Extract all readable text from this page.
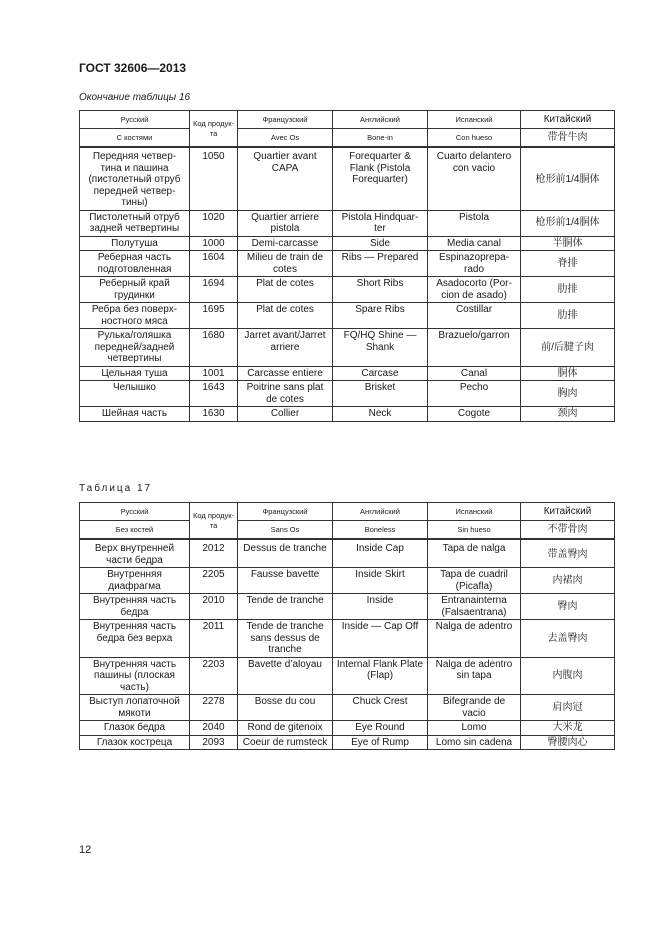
ГОСТ 32606—2013
Окончание таблицы 16
Русский	Код продук- та	Французский	Английский	Испанский	Китайский
С костями		Avec Os	Bone-in	Con hueso	带骨牛肉
Передняя четвер-тина и пашина (пистолетный отруб передней четвер-тины)	1050	Quartier avant CAPA	Forequarter & Flank (Pistola Forequarter)	Cuarto delantero con vacio	枪形前1/4胴体
Пистолетный отруб задней четвертины	1020	Quartier arriere pistola	Pistola Hindquar-ter	Pistola	枪形前1/4胴体
Полутуша	1000	Demi-carcasse	Side	Media canal	半胴体
Реберная часть подготовленная	1604	Milieu de train de cotes	Ribs — Prepared	Espinazoprepa-rado	脊排
Реберный край грудинки	1694	Plat de cotes	Short Ribs	Asadocorto (Por-cion de asado)	肋排
Ребра без поверх-ностного мяса	1695	Plat de cotes	Spare Ribs	Costillar	肋排
Рулька/голяшка передней/задней четвертины	1680	Jarret avant/Jarret arriere	FQ/HQ Shine — Shank	Brazuelo/garron	前/后腱子肉
Цельная туша	1001	Carcasse entiere	Carcase	Canal	胴体
Челышко	1643	Poitrine sans plat de cotes	Brisket	Pecho	胸肉
Шейная часть	1630	Collier	Neck	Cogote	颈肉
Таблица 17
Русский	Код продук- та	Французский	Английский	Испанский	Китайский
Без костей		Sans Os	Boneless	Sin hueso	不带骨肉
Верх внутренней части бедра	2012	Dessus de tranche	Inside Cap	Tapa de nalga	带盖臀肉
Внутренняя диафрагма	2205	Fausse bavette	Inside Skirt	Tapa de cuadril (Picafla)	内裙肉
Внутренняя часть бедра	2010	Tende de tranche	Inside	Entranainterna (Falsaentrana)	臀肉
Внутренняя часть бедра без верха	2011	Tende de tranche sans dessus de tranche	Inside — Cap Off	Nalga de adentro	去盖臀肉
Внутренняя часть пашины (плоская часть)	2203	Bavette d’aloyau	Internal Flank Plate (Flap)	Nalga de adentro sin tapa	内腹肉
Выступ лопаточной мякоти	2278	Bosse du cou	Chuck Crest	Bifegrande de vacio	肩肉冠
Глазок бедра	2040	Rond de gitenoix	Eye Round	Lomo	大米龙
Глазок кострецa	2093	Coeur de rumsteck	Eye of Rump	Lomo sin cadena	臀腰肉心
12
